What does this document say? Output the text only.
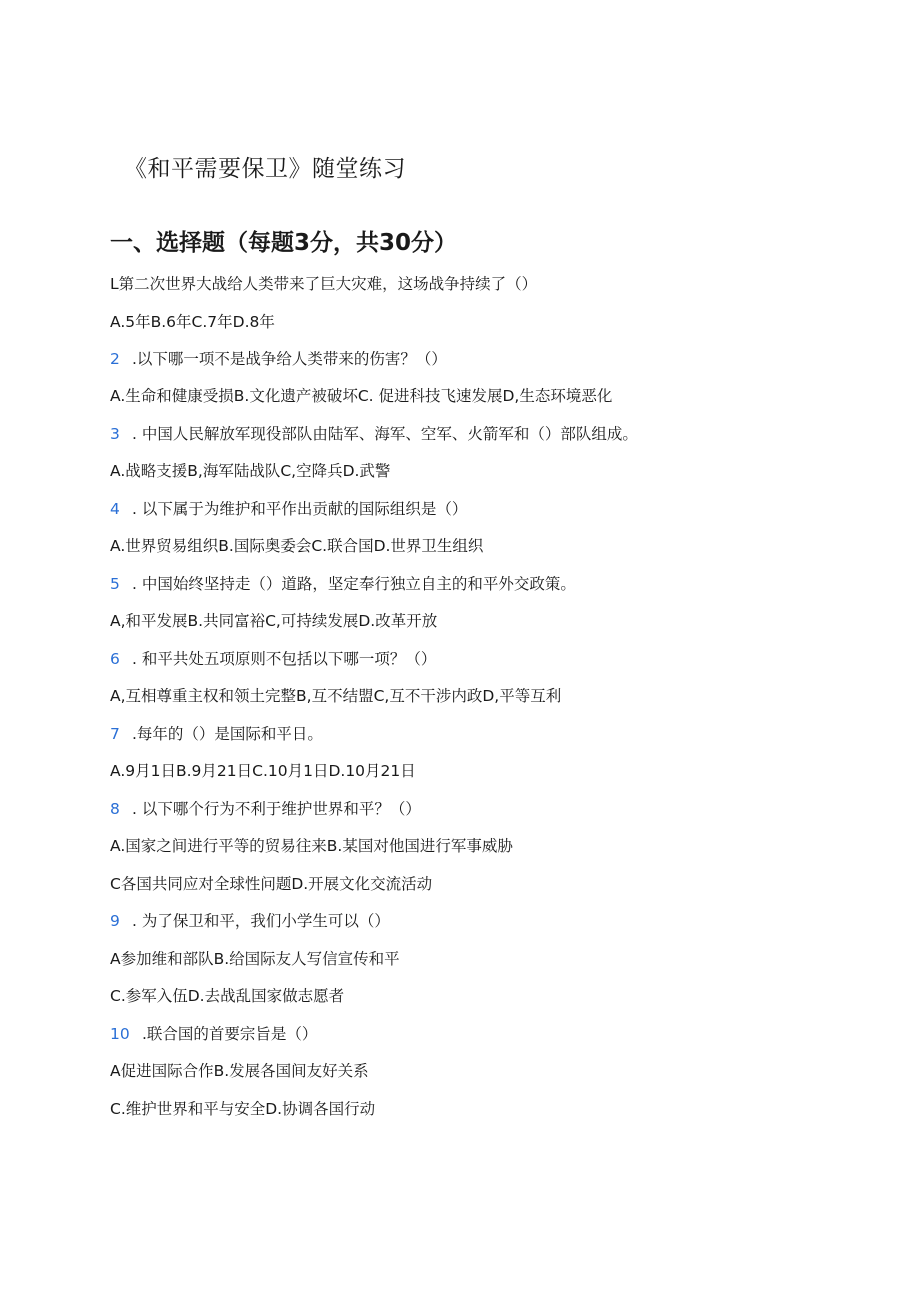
《和平需要保卫》随堂练习
一、选择题（每题3分，共30分）
L第二次世界大战给人类带来了巨大灾难，这场战争持续了（）
A.5年B.6年C.7年D.8年
2 .以下哪一项不是战争给人类带来的伤害？（）
A.生命和健康受损B.文化遗产被破坏C. 促进科技飞速发展D,生态环境恶化
3 . 中国人民解放军现役部队由陆军、海军、空军、火箭军和（）部队组成。
A.战略支援B,海军陆战队C,空降兵D.武警
4 . 以下属于为维护和平作出贡献的国际组织是（）
A.世界贸易组织B.国际奥委会C.联合国D.世界卫生组织
5 . 中国始终坚持走（）道路，坚定奉行独立自主的和平外交政策。
A,和平发展B.共同富裕C,可持续发展D.改革开放
6 . 和平共处五项原则不包括以下哪一项？（）
A,互相尊重主权和领土完整B,互不结盟C,互不干涉内政D,平等互利
7 .每年的（）是国际和平日。
A.9月1日B.9月21日C.10月1日D.10月21日
8 . 以下哪个行为不利于维护世界和平？（）
A.国家之间进行平等的贸易往来B.某国对他国进行军事威胁
C各国共同应对全球性问题D.开展文化交流活动
9 . 为了保卫和平，我们小学生可以（）
A参加维和部队B.给国际友人写信宣传和平
C.参军入伍D.去战乱国家做志愿者
10 .联合国的首要宗旨是（）
A促进国际合作B.发展各国间友好关系
C.维护世界和平与安全D.协调各国行动
